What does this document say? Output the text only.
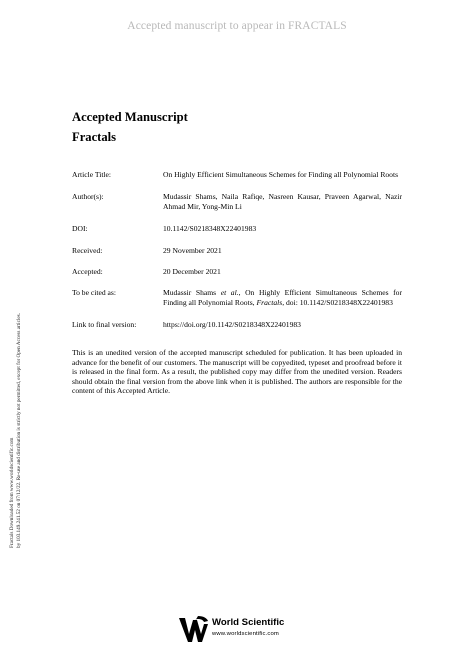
Accepted manuscript to appear in FRACTALS
Fractals Downloaded from www.worldscientific.com by 103.149.241.52 on 07/12/22. Re-use and distribution is strictly not permitted, except for Open Access articles.
Accepted Manuscript
Fractals
Article Title:	On Highly Efficient Simultaneous Schemes for Finding all Polynomial Roots
Author(s):	Mudassir Shams, Naila Rafiqe, Nasreen Kausar, Praveen Agarwal, Nazir Ahmad Mir, Yong-Min Li
DOI:	10.1142/S0218348X22401983
Received:	29 November 2021
Accepted:	20 December 2021
To be cited as:	Mudassir Shams et al., On Highly Efficient Simultaneous Schemes for Finding all Polynomial Roots, Fractals, doi: 10.1142/S0218348X22401983
Link to final version:	https://doi.org/10.1142/S0218348X22401983
This is an unedited version of the accepted manuscript scheduled for publication. It has been uploaded in advance for the benefit of our customers. The manuscript will be copyedited, typeset and proofread before it is released in the final form. As a result, the published copy may differ from the unedited version. Readers should obtain the final version from the above link when it is published. The authors are responsible for the content of this Accepted Article.
World Scientific
www.worldscientific.com
